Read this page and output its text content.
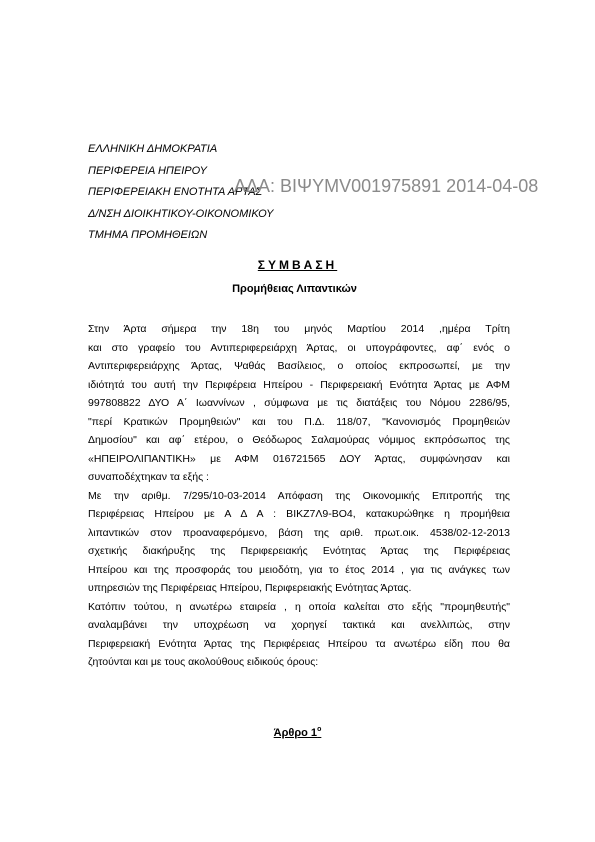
ΕΛΛΗΝΙΚΗ ΔΗΜΟΚΡΑΤΙΑ
ΠΕΡΙΦΕΡΕΙΑ ΗΠΕΙΡΟΥ
ΠΕΡΙΦΕΡΕΙΑΚΗ ΕΝΟΤΗΤΑ ΑΡΤΑΣ
Δ/ΝΣΗ ΔΙΟΙΚΗΤΙΚΟΥ-ΟΙΚΟΝΟΜΙΚΟΥ
ΤΜΗΜΑ ΠΡΟΜΗΘΕΙΩΝ
ΑΔΑ: ΒΙΨΥΜV001975891 2014-04-08
ΣΥΜΒΑΣΗ
Προμήθειας Λιπαντικών
Στην Άρτα σήμερα την 18η του μηνός Μαρτίου 2014 ,ημέρα Τρίτη
και στο γραφείο του Αντιπεριφερειάρχη Άρτας, οι υπογράφοντες, αφ΄ ενός ο
Αντιπεριφερειάρχης Άρτας, Ψαθάς Βασίλειος, ο οποίος εκπροσωπεί, με την
ιδιότητά του αυτή την Περιφέρεια Ηπείρου - Περιφερειακή Ενότητα Άρτας με ΑΦΜ
997808822 ΔΥΟ Α΄ Ιωαννίνων , σύμφωνα με τις διατάξεις του Νόμου 2286/95,
"περί Κρατικών Προμηθειών" και του Π.Δ. 118/07, "Κανονισμός Προμηθειών
Δημοσίου" και αφ΄ ετέρου, ο Θεόδωρος Σαλαμούρας νόμιμος εκπρόσωπος της
«ΗΠΕΙΡΟΛΙΠΑΝΤΙΚΗ» με ΑΦΜ 016721565 ΔΟΥ Άρτας, συμφώνησαν και
συναποδέχτηκαν τα εξής :
Με την αριθμ. 7/295/10-03-2014 Απόφαση της Οικονομικής Επιτροπής της
Περιφέρειας Ηπείρου με Α Δ Α : ΒΙΚΖ7Λ9-ΒΟ4, κατακυρώθηκε η προμήθεια
λιπαντικών στον προαναφερόμενο, βάση της αριθ. πρωτ.οικ. 4538/02-12-2013
σχετικής διακήρυξης της Περιφερειακής Ενότητας Άρτας της Περιφέρειας
Ηπείρου και της προσφοράς του μειοδότη, για το έτος 2014 , για τις ανάγκες των
υπηρεσιών της Περιφέρειας Ηπείρου, Περιφερειακής Ενότητας Άρτας.
Κατόπιν τούτου, η ανωτέρω εταιρεία , η οποία καλείται στο εξής "προμηθευτής"
αναλαμβάνει την υποχρέωση να χορηγεί τακτικά και ανελλιπώς, στην
Περιφερειακή Ενότητα Άρτας της Περιφέρειας Ηπείρου τα ανωτέρω είδη που θα
ζητούνται και με τους ακολούθους ειδικούς όρους:
Άρθρο $1^o$
